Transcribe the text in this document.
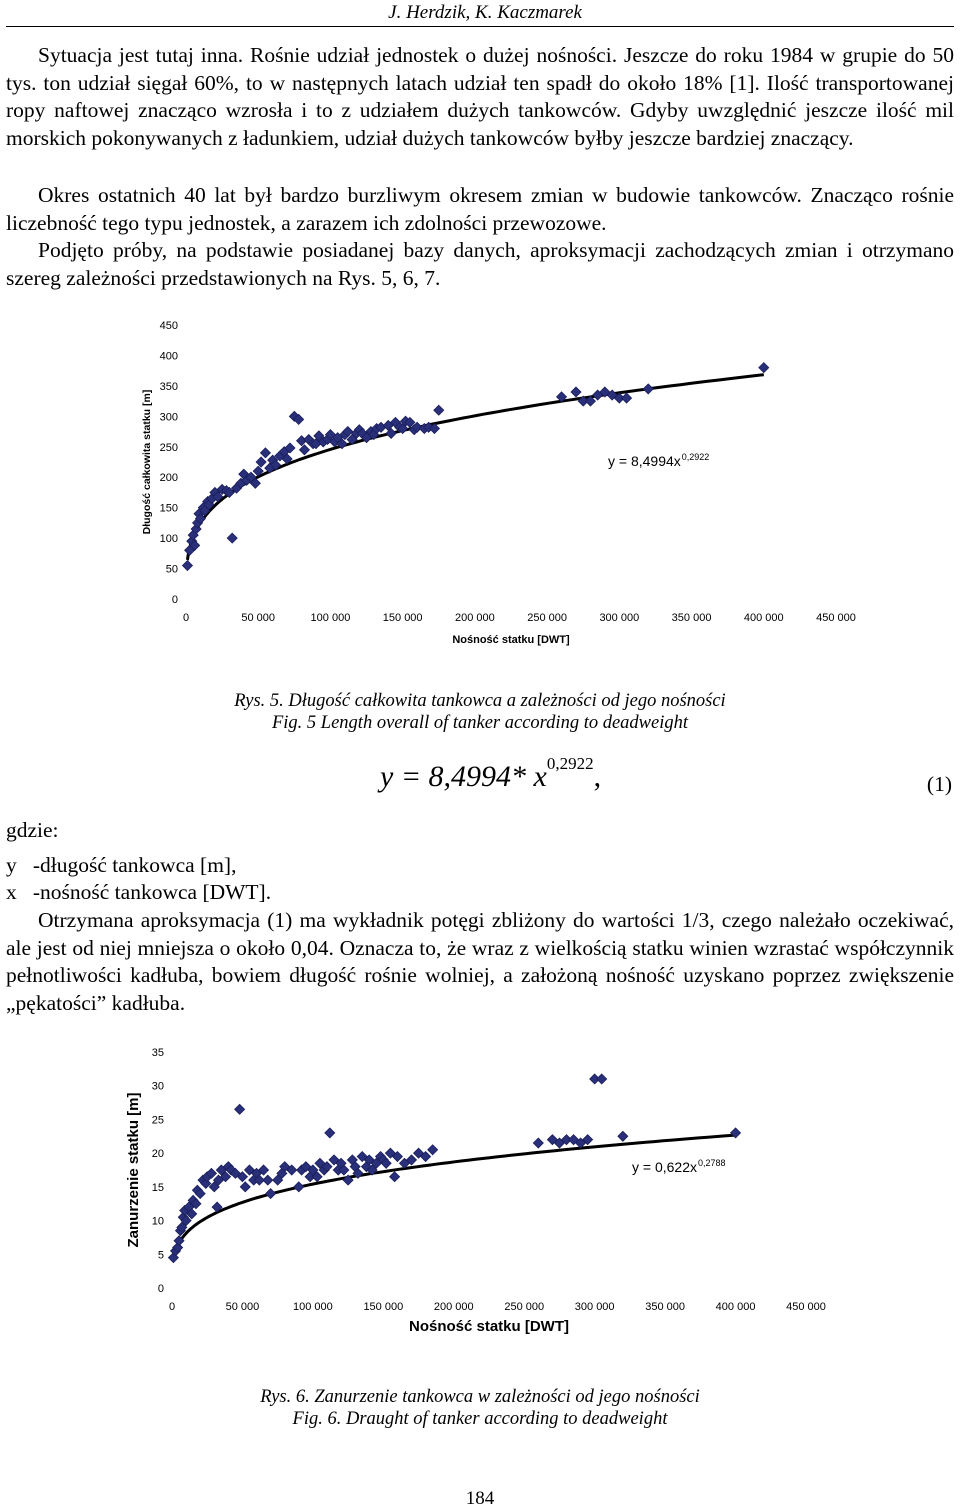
J. Herdzik, K. Kaczmarek

Sytuacja jest tutaj inna. Rośnie udział jednostek o dużej nośności. Jeszcze do roku 1984 w grupie do 50 tys. ton udział sięgał 60%, to w następnych latach udział ten spadł do około 18% [1]. Ilość transportowanej ropy naftowej znacząco wzrosła i to z udziałem dużych tankowców. Gdyby uwzględnić jeszcze ilość mil morskich pokonywanych z ładunkiem, udział dużych tankowców byłby jeszcze bardziej znaczący.

Okres ostatnich 40 lat był bardzo burzliwym okresem zmian w budowie tankowców. Znacząco rośnie liczebność tego typu jednostek, a zarazem ich zdolności przewozowe.

Podjęto próby, na podstawie posiadanej bazy danych, aproksymacji zachodzących zmian i otrzymano szereg zależności przedstawionych na Rys. 5, 6, 7.

0
50
100
150
200
250
300
350
400
450
0	50 000	100 000	150 000	200 000	250 000	300 000	350 000	400 000	450 000
Nośność statku [DWT]
Długość całkowita statku [m]	y = 8,4994x 0,2922
Rys. 5. Długość całkowita tankowca a zależności od jego nośności
Fig. 5 Length overall of tanker according to deadweight
y = 8,4994* $x^{0,2922}$,	(1)
gdzie:
y   -długość tankowca [m],
x   -nośność tankowca [DWT].

Otrzymana aproksymacja (1) ma wykładnik potęgi zbliżony do wartości 1/3, czego należało oczekiwać, ale jest od niej mniejsza o około 0,04. Oznacza to, że wraz z wielkością statku winien wzrastać współczynnik pełnotliwości kadłuba, bowiem długość rośnie wolniej, a założoną nośność uzyskano poprzez zwiększenie „pękatości” kadłuba.

0
5
10
15
20
25
30
35
0	50 000	100 000	150 000	200 000	250 000	300 000	350 000	400 000	450 000
Nośność statku [DWT]
Zanurzenie statku [m]	y = 0,622x 0,2788
Rys. 6. Zanurzenie tankowca w zależności od jego nośności
Fig. 6. Draught of tanker according to deadweight
184
